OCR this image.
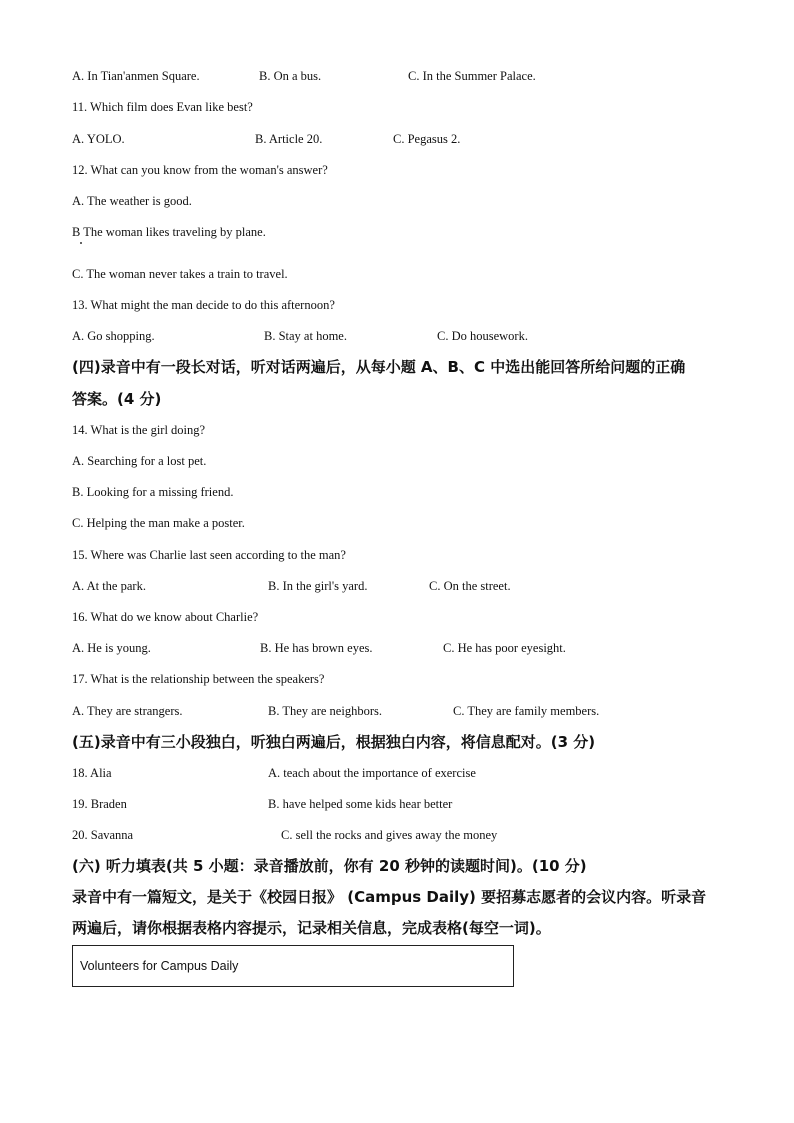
A. In Tian'anmen Square.	B. On a bus.	C. In the Summer Palace.
11. Which film does Evan like best?
A. YOLO.	B. Article 20.	C. Pegasus 2.
12. What can you know from the woman's answer?
A. The weather is good.
B The woman likes traveling by plane.
C. The woman never takes a train to travel.
13. What might the man decide to do this afternoon?
A. Go shopping.	B. Stay at home.	C. Do housework.
(四)录音中有一段长对话，听对话两遍后，从每小题 A、B、C 中选出能回答所给问题的正确
答案。(4 分)
14. What is the girl doing?
A. Searching for a lost pet.
B. Looking for a missing friend.
C. Helping the man make a poster.
15. Where was Charlie last seen according to the man?
A. At the park.	B. In the girl's yard.	C. On the street.
16. What do we know about Charlie?
A. He is young.	B. He has brown eyes.	C. He has poor eyesight.
17. What is the relationship between the speakers?
A. They are strangers.	B. They are neighbors.	C. They are family members.
(五)录音中有三小段独白，听独白两遍后，根据独白内容，将信息配对。(3 分)
18. Alia	A. teach about the importance of exercise
19. Braden	B. have helped some kids hear better
20. Savanna	C. sell the rocks and gives away the money
(六) 听力填表(共 5 小题：录音播放前，你有 20 秒钟的读题时间)。(10 分)
录音中有一篇短文，是关于《校园日报》 (Campus Daily) 要招募志愿者的会议内容。听录音
两遍后，请你根据表格内容提示，记录相关信息，完成表格(每空一词)。
Volunteers for Campus Daily
